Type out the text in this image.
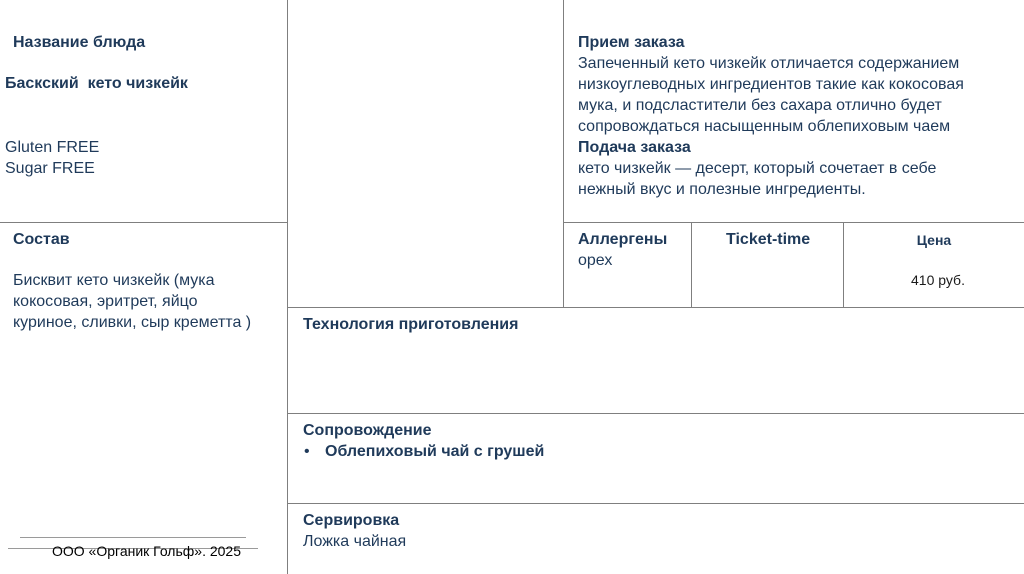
Название блюда
Баскский  кето чизкейк
Gluten FREE
Sugar FREE
Состав
Бисквит кето чизкейк (мука
кокосовая, эритрет, яйцо
куриное, сливки, сыр креметта )
Прием заказа
Запеченный кето чизкейк отличается содержанием
низкоуглеводных ингредиентов такие как кокосовая
мука, и подсластители без сахара отлично будет
сопровождаться насыщенным облепиховым чаем
Подача заказа
кето чизкейк — десерт, который сочетает в себе
нежный вкус и полезные ингредиенты.
Аллергены
орех
Ticket-time	Цена
410 руб.
Технология приготовления
Сопровождение
• Облепиховый чай с грушей
Сервировка
Ложка чайная
ООО «Органик Гольф». 2025
